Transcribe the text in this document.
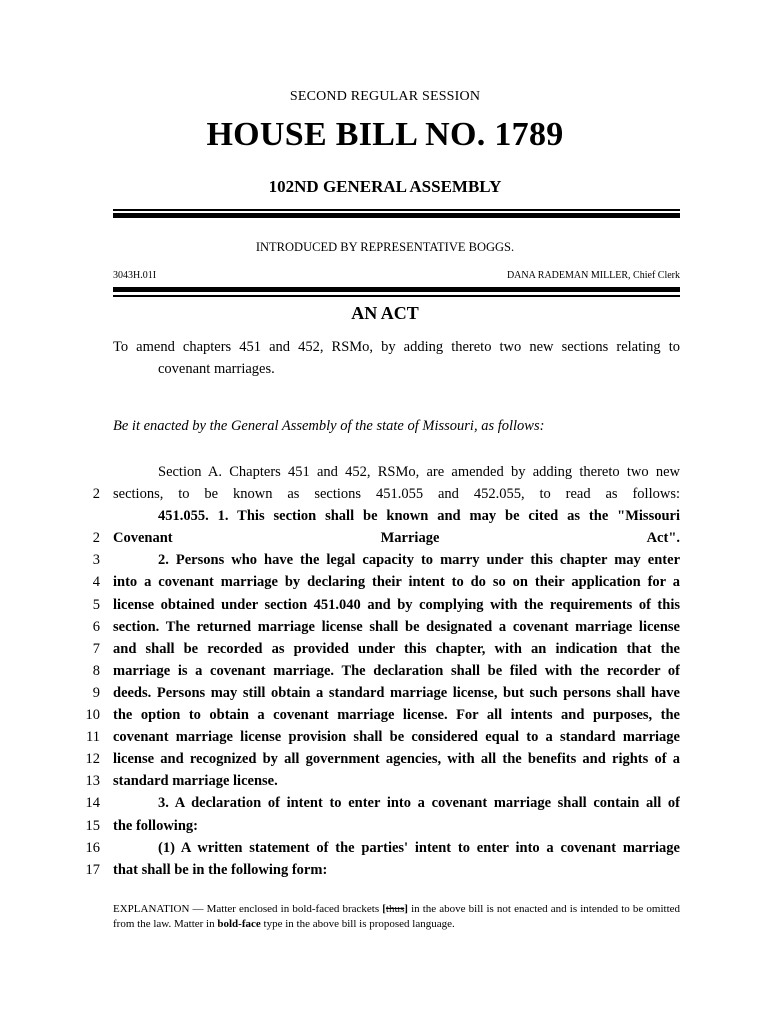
SECOND REGULAR SESSION
HOUSE BILL NO. 1789
102ND GENERAL ASSEMBLY
INTRODUCED BY REPRESENTATIVE BOGGS.
3043H.01I	DANA RADEMAN MILLER, Chief Clerk
AN ACT
To amend chapters 451 and 452, RSMo, by adding thereto two new sections relating to
covenant marriages.
Be it enacted by the General Assembly of the state of Missouri, as follows:
Section A. Chapters 451 and 452, RSMo, are amended by adding thereto two new
2 sections, to be known as sections 451.055 and 452.055, to read as follows:
451.055. 1. This section shall be known and may be cited as the "Missouri
2 Covenant Marriage Act".
3	2. Persons who have the legal capacity to marry under this chapter may enter
4 into a covenant marriage by declaring their intent to do so on their application for a
5 license obtained under section 451.040 and by complying with the requirements of this
6 section. The returned marriage license shall be designated a covenant marriage license
7 and shall be recorded as provided under this chapter, with an indication that the
8 marriage is a covenant marriage. The declaration shall be filed with the recorder of
9 deeds. Persons may still obtain a standard marriage license, but such persons shall have
10 the option to obtain a covenant marriage license. For all intents and purposes, the
11 covenant marriage license provision shall be considered equal to a standard marriage
12 license and recognized by all government agencies, with all the benefits and rights of a
13 standard marriage license.
14	3. A declaration of intent to enter into a covenant marriage shall contain all of
15 the following:
16	(1) A written statement of the parties' intent to enter into a covenant marriage
17 that shall be in the following form:
EXPLANATION — Matter enclosed in bold-faced brackets [thus] in the above bill is not enacted and is intended to be omitted from the law. Matter in bold-face type in the above bill is proposed language.
